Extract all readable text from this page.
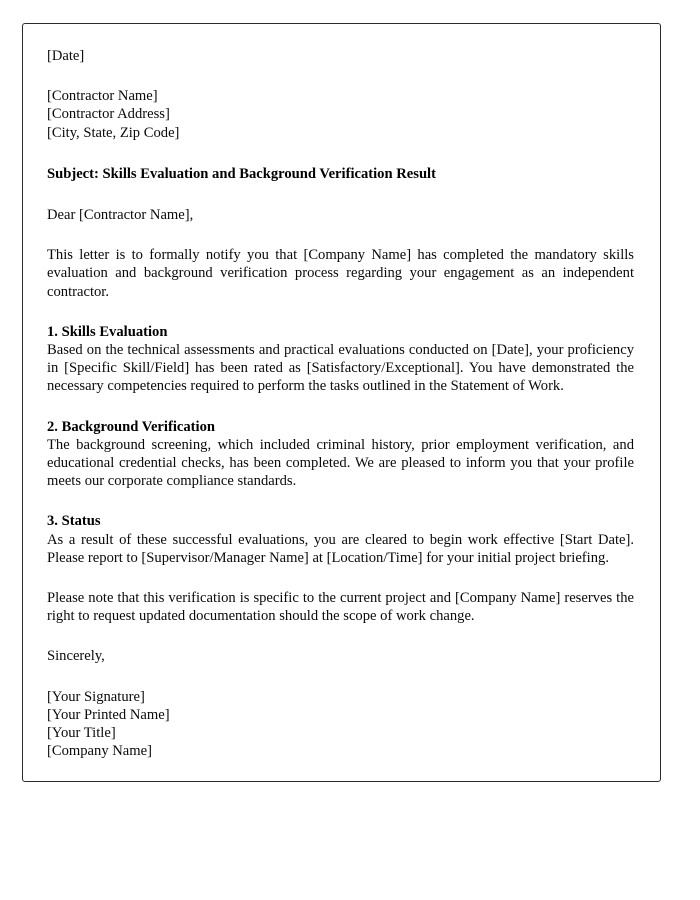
[Date]

[Contractor Name]

[Contractor Address]

[City, State, Zip Code]

Subject: Skills Evaluation and Background Verification Result

Dear [Contractor Name],

This letter is to formally notify you that [Company Name] has completed the mandatory skills evaluation and background verification process regarding your engagement as an independent contractor.

1. Skills Evaluation

Based on the technical assessments and practical evaluations conducted on [Date], your proficiency in [Specific Skill/Field] has been rated as [Satisfactory/Exceptional]. You have demonstrated the necessary competencies required to perform the tasks outlined in the Statement of Work.

2. Background Verification

The background screening, which included criminal history, prior employment verification, and educational credential checks, has been completed. We are pleased to inform you that your profile meets our corporate compliance standards.

3. Status

As a result of these successful evaluations, you are cleared to begin work effective [Start Date]. Please report to [Supervisor/Manager Name] at [Location/Time] for your initial project briefing.

Please note that this verification is specific to the current project and [Company Name] reserves the right to request updated documentation should the scope of work change.

Sincerely,

[Your Signature]

[Your Printed Name]

[Your Title]

[Company Name]
